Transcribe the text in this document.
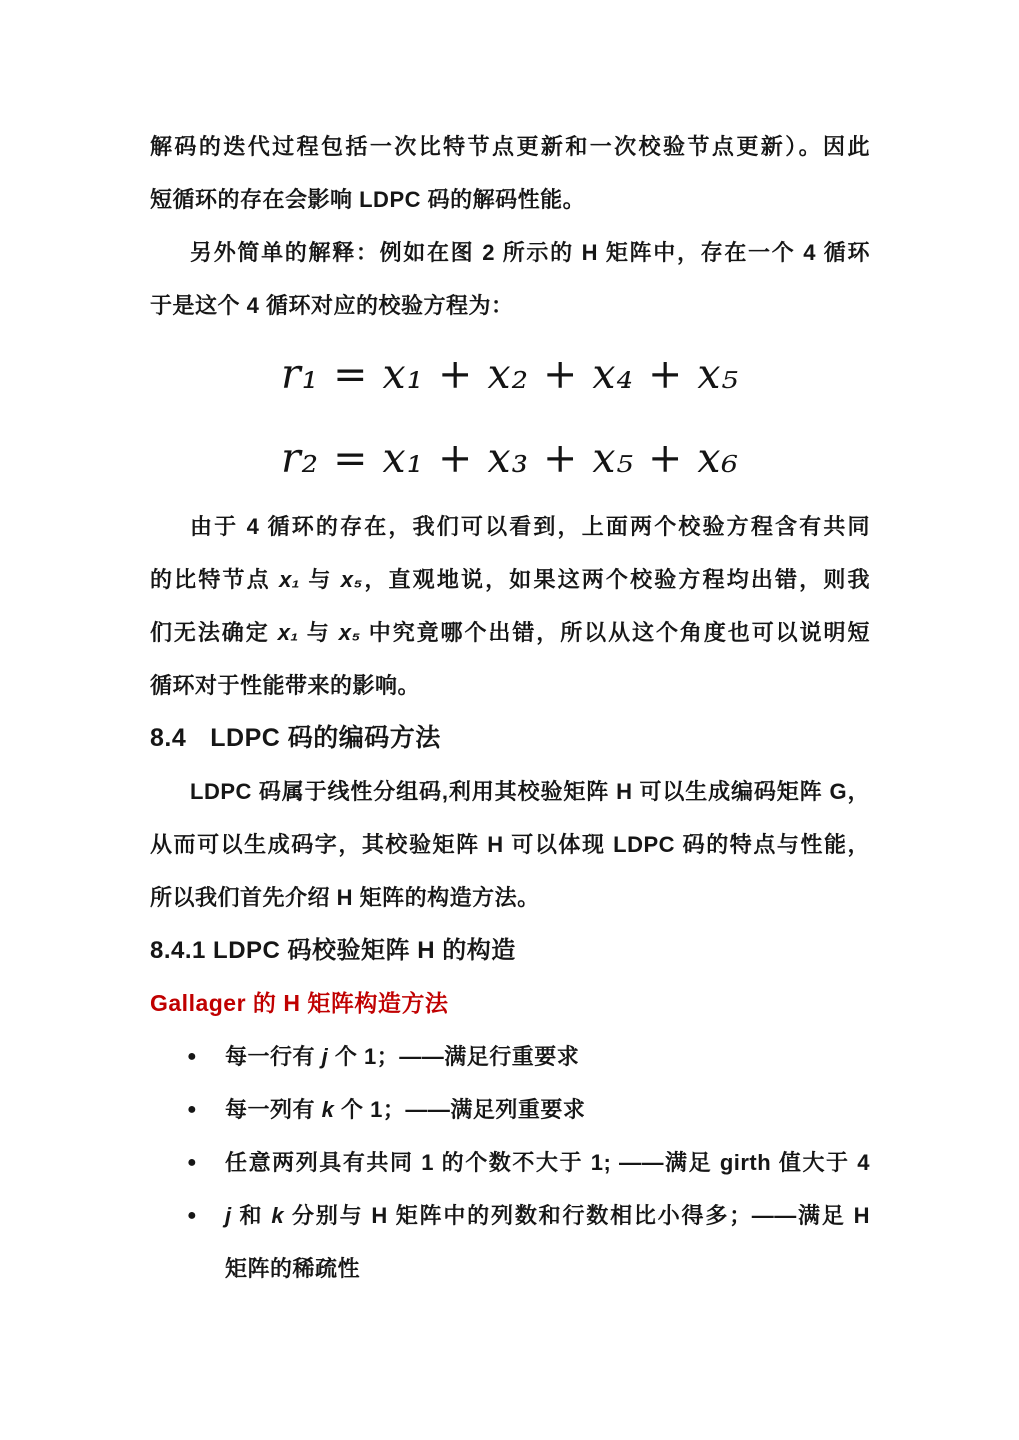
解码的迭代过程包括一次比特节点更新和一次校验节点更新）。因此
短循环的存在会影响 LDPC 码的解码性能。
另外简单的解释：例如在图 2 所示的 H 矩阵中，存在一个 4 循环
于是这个 4 循环对应的校验方程为：
r₁ = x₁ + x₂ + x₄ + x₅
r₂ = x₁ + x₃ + x₅ + x₆
由于 4 循环的存在，我们可以看到，上面两个校验方程含有共同
的比特节点 x₁ 与 x₅，直观地说，如果这两个校验方程均出错，则我
们无法确定 x₁ 与 x₅ 中究竟哪个出错，所以从这个角度也可以说明短
循环对于性能带来的影响。
8.4 LDPC 码的编码方法
LDPC 码属于线性分组码,利用其校验矩阵 H 可以生成编码矩阵 G，
从而可以生成码字，其校验矩阵 H 可以体现 LDPC 码的特点与性能，
所以我们首先介绍 H 矩阵的构造方法。
8.4.1 LDPC 码校验矩阵 H 的构造
Gallager 的 H 矩阵构造方法
●	每一行有 j 个 1；——满足行重要求
●	每一列有 k 个 1；——满足列重要求
●	任意两列具有共同 1 的个数不大于 1; ——满足 girth 值大于 4
●	j 和 k 分别与 H 矩阵中的列数和行数相比小得多；——满足 H
矩阵的稀疏性
